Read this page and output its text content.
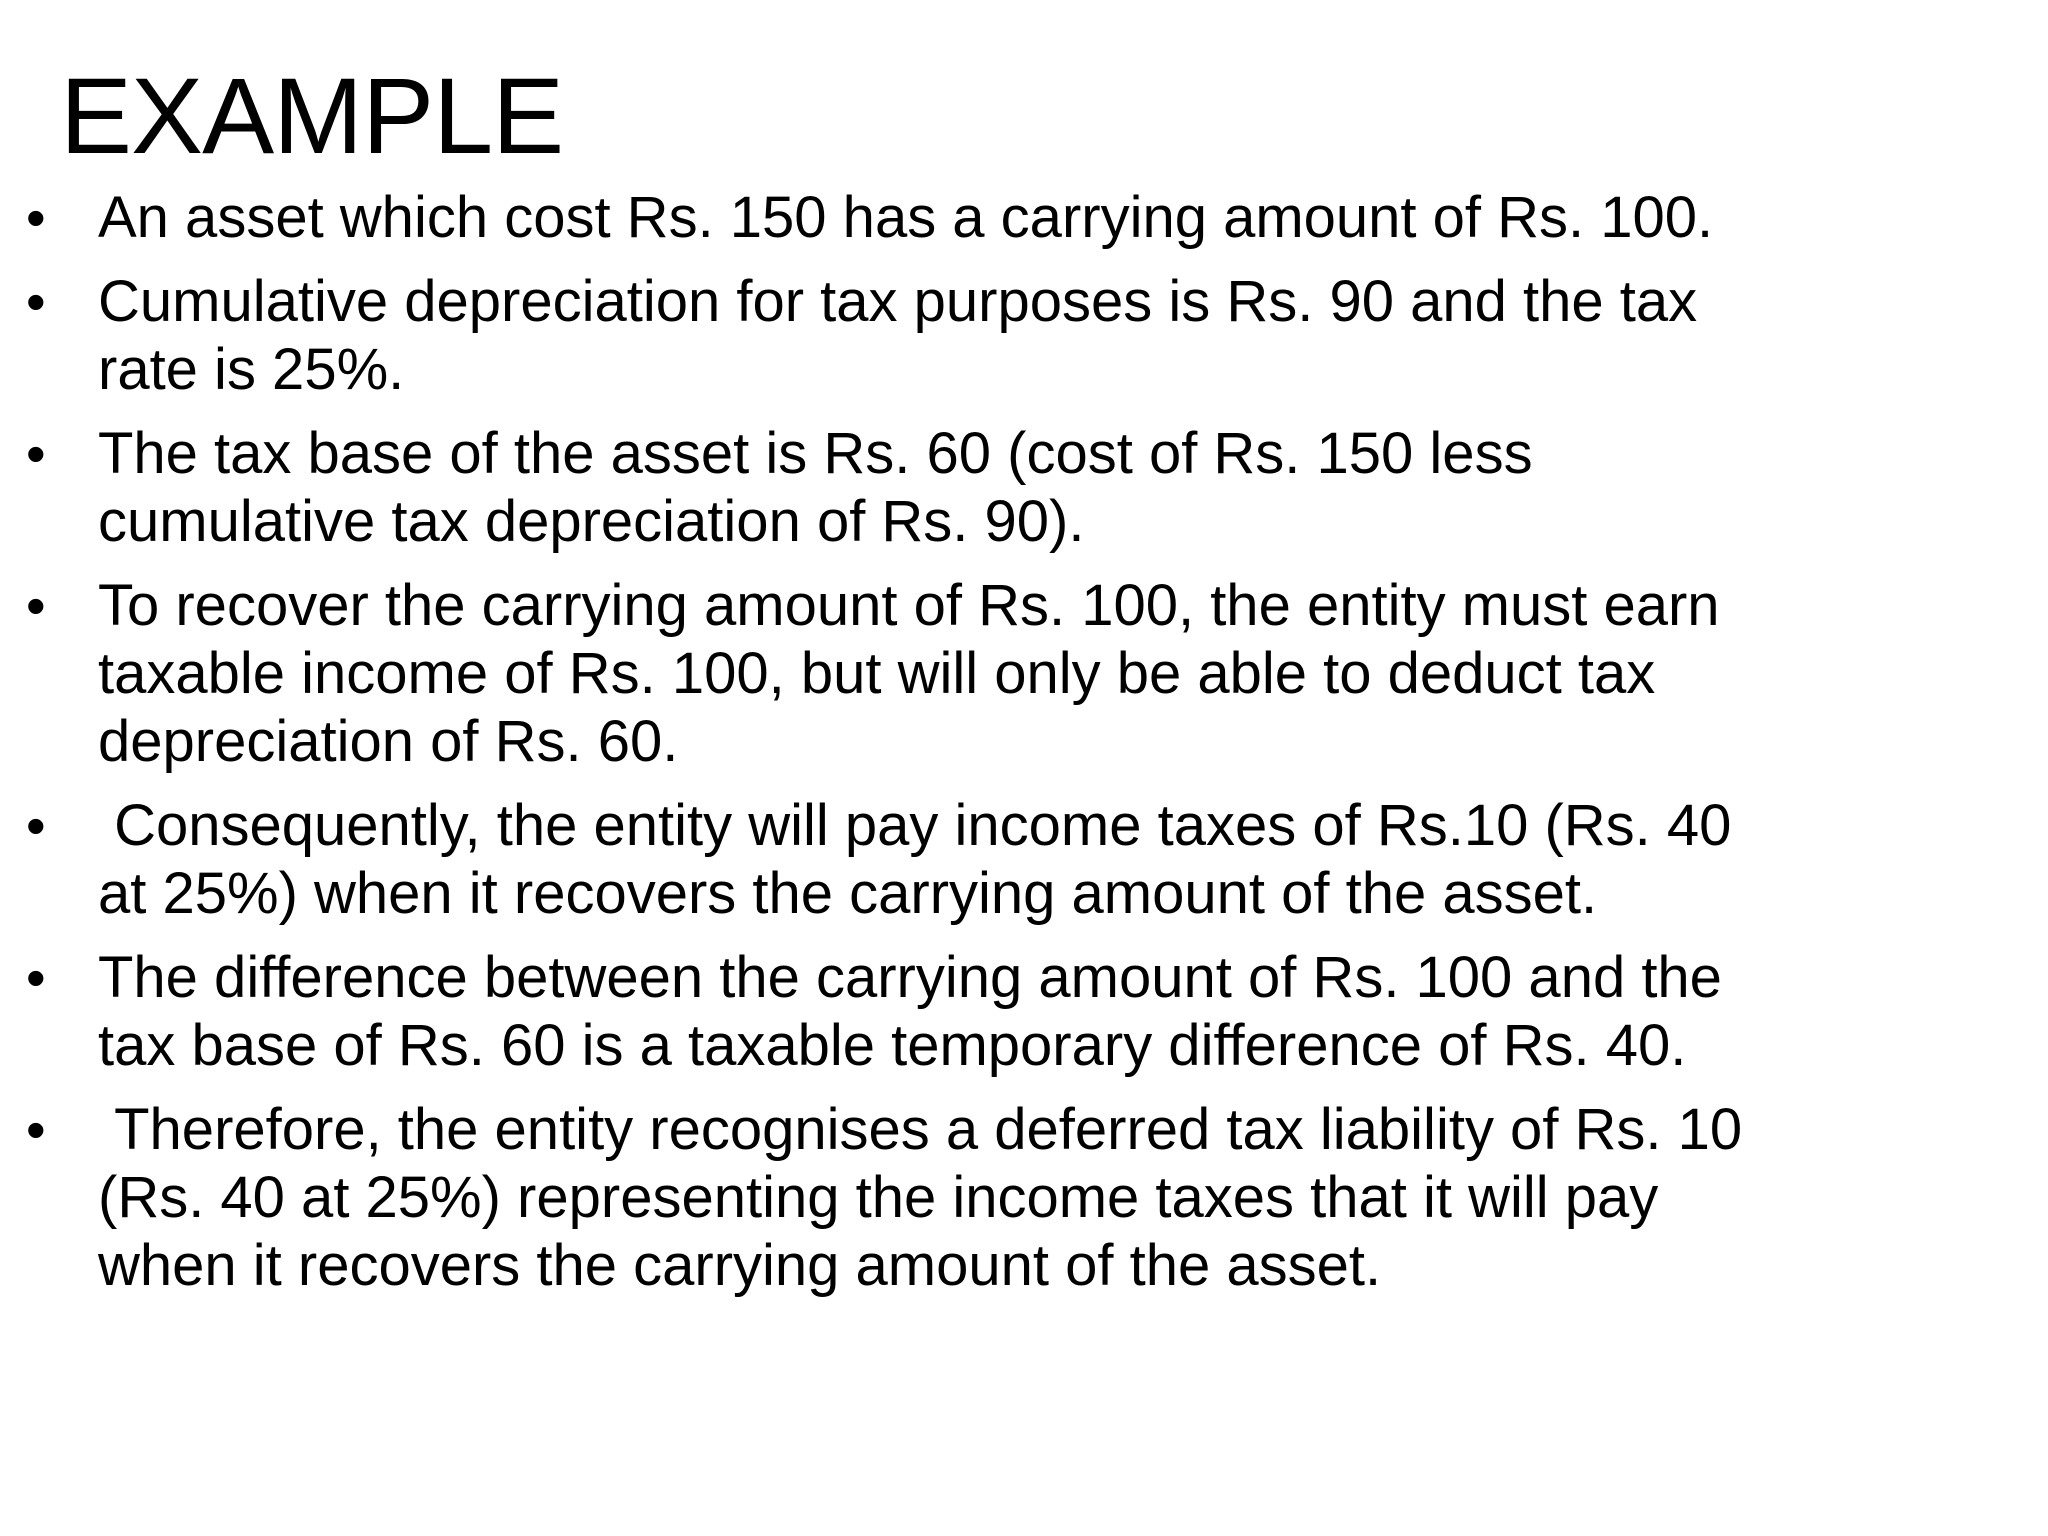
EXAMPLE
• An asset which cost Rs. 150 has a carrying amount of Rs. 100.
• Cumulative depreciation for tax purposes is Rs. 90 and the tax
rate is 25%.
• The tax base of the asset is Rs. 60 (cost of Rs. 150 less
cumulative tax depreciation of Rs. 90).
• To recover the carrying amount of Rs. 100, the entity must earn
taxable income of Rs. 100, but will only be able to deduct tax
depreciation of Rs. 60.
•	Consequently, the entity will pay income taxes of Rs.10 (Rs. 40
at 25%) when it recovers the carrying amount of the asset.
• The difference between the carrying amount of Rs. 100 and the
tax base of Rs. 60 is a taxable temporary difference of Rs. 40.
•	Therefore, the entity recognises a deferred tax liability of Rs. 10
(Rs. 40 at 25%) representing the income taxes that it will pay
when it recovers the carrying amount of the asset.
